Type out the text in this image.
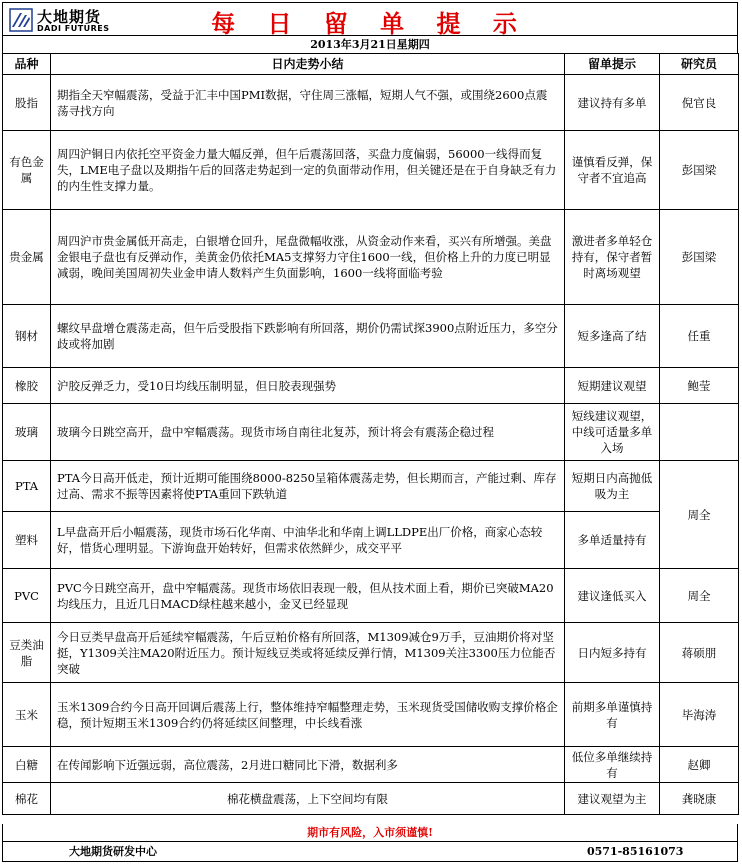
大地期货
DADI FUTURES	每 日 留 单 提 示
2013年3月21日星期四
品种	日内走势小结	留单提示	研究员
股指	期指全天窄幅震荡，受益于汇丰中国PMI数据，守住周三涨幅，短期人气不强，或围绕2600点震荡寻找方向	建议持有多单	倪官良
有色金属	周四沪铜日内依托空平资金力量大幅反弹，但午后震荡回落，买盘力度偏弱，56000一线得而复失，LME电子盘以及期指午后的回落走势起到一定的负面带动作用，但关键还是在于自身缺乏有力的内生性支撑力量。	谨慎看反弹，保守者不宜追高	彭国梁
贵金属	周四沪市贵金属低开高走，白银增仓回升，尾盘微幅收涨，从资金动作来看，买兴有所增强。美盘金银电子盘也有反弹动作，美黄金仍依托MA5支撑努力守住1600一线，但价格上升的力度已明显减弱，晚间美国周初失业金申请人数料产生负面影响，1600一线将面临考验	激进者多单轻仓持有，保守者暂时离场观望	彭国梁
钢材	螺纹早盘增仓震荡走高，但午后受股指下跌影响有所回落，期价仍需试探3900点附近压力，多空分歧或将加剧	短多逢高了结	任重
橡胶	沪胶反弹乏力，受10日均线压制明显，但日胶表现强势	短期建议观望	鲍莹
玻璃	玻璃今日跳空高开，盘中窄幅震荡。现货市场自南往北复苏，预计将会有震荡企稳过程	短线建议观望，中线可适量多单入场	
PTA	PTA今日高开低走，预计近期可能围绕8000-8250呈箱体震荡走势，但长期而言，产能过剩、库存过高、需求不振等因素将使PTA重回下跌轨道	短期日内高抛低吸为主	周全
塑料	L早盘高开后小幅震荡，现货市场石化华南、中油华北和华南上调LLDPE出厂价格，商家心态较好，惜货心理明显。下游询盘开始转好，但需求依然鲜少，成交平平	多单适量持有	
PVC	PVC今日跳空高开，盘中窄幅震荡。现货市场依旧表现一般，但从技术面上看，期价已突破MA20均线压力，且近几日MACD绿柱越来越小，金叉已经显现	建议逢低买入	周全
豆类油脂	今日豆类早盘高开后延续窄幅震荡，午后豆粕价格有所回落，M1309减仓9万手，豆油期价将对坚挺，Y1309关注MA20附近压力。预计短线豆类或将延续反弹行情，M1309关注3300压力位能否突破	日内短多持有	蒋硕朋
玉米	玉米1309合约今日高开回调后震荡上行，整体维持窄幅整理走势，玉米现货受国储收购支撑价格企稳，预计短期玉米1309合约仍将延续区间整理，中长线看涨	前期多单谨慎持有	毕海涛
白糖	在传闻影响下近强远弱，高位震荡，2月进口糖同比下滑，数据利多	低位多单继续持有	赵卿
棉花	棉花横盘震荡，上下空间均有限	建议观望为主	龚晓康
期市有风险，入市须谨慎!
大地期货研发中心	0571-85161073
